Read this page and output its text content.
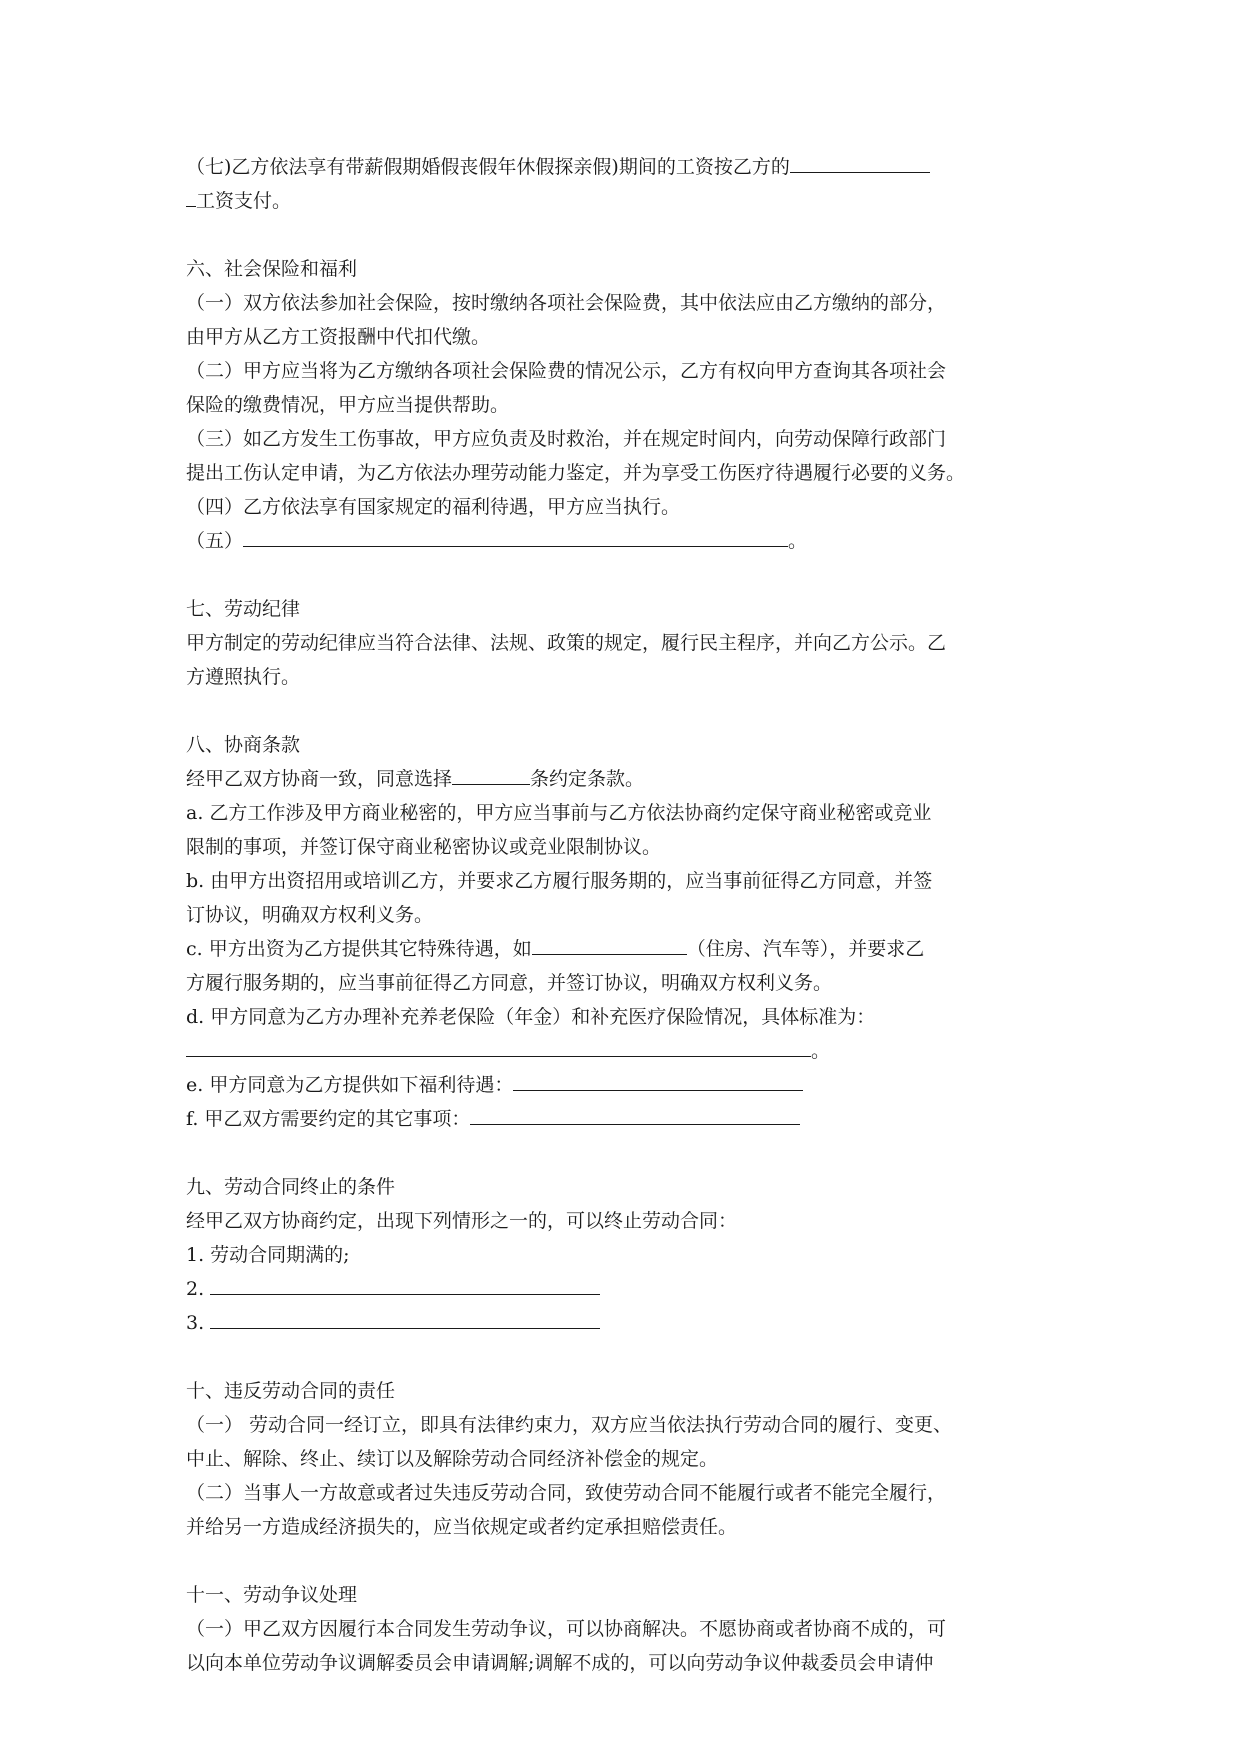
（七)乙方依法享有带薪假期婚假丧假年休假探亲假)期间的工资按乙方的
工资支付。
六、社会保险和福利
（一）双方依法参加社会保险，按时缴纳各项社会保险费，其中依法应由乙方缴纳的部分，
由甲方从乙方工资报酬中代扣代缴。
（二）甲方应当将为乙方缴纳各项社会保险费的情况公示，乙方有权向甲方查询其各项社会
保险的缴费情况，甲方应当提供帮助。
（三）如乙方发生工伤事故，甲方应负责及时救治，并在规定时间内，向劳动保障行政部门
提出工伤认定申请，为乙方依法办理劳动能力鉴定，并为享受工伤医疗待遇履行必要的义务。
（四）乙方依法享有国家规定的福利待遇，甲方应当执行。
（五）	。
七、劳动纪律
甲方制定的劳动纪律应当符合法律、法规、政策的规定，履行民主程序，并向乙方公示。乙
方遵照执行。
八、协商条款
经甲乙双方协商一致，同意选择	条约定条款。
a. 乙方工作涉及甲方商业秘密的，甲方应当事前与乙方依法协商约定保守商业秘密或竞业
限制的事项，并签订保守商业秘密协议或竞业限制协议。
b. 由甲方出资招用或培训乙方，并要求乙方履行服务期的，应当事前征得乙方同意，并签
订协议，明确双方权利义务。
c. 甲方出资为乙方提供其它特殊待遇，如	（住房、汽车等），并要求乙
方履行服务期的，应当事前征得乙方同意，并签订协议，明确双方权利义务。
d. 甲方同意为乙方办理补充养老保险（年金）和补充医疗保险情况，具体标准为：
。
e. 甲方同意为乙方提供如下福利待遇：
f. 甲乙双方需要约定的其它事项：
九、劳动合同终止的条件
经甲乙双方协商约定，出现下列情形之一的，可以终止劳动合同：
1. 劳动合同期满的;
2.
3.
十、违反劳动合同的责任
（一） 劳动合同一经订立，即具有法律约束力，双方应当依法执行劳动合同的履行、变更、
中止、解除、终止、续订以及解除劳动合同经济补偿金的规定。
（二）当事人一方故意或者过失违反劳动合同，致使劳动合同不能履行或者不能完全履行，
并给另一方造成经济损失的，应当依规定或者约定承担赔偿责任。
十一、劳动争议处理
（一）甲乙双方因履行本合同发生劳动争议，可以协商解决。不愿协商或者协商不成的，可
以向本单位劳动争议调解委员会申请调解;调解不成的，可以向劳动争议仲裁委员会申请仲
